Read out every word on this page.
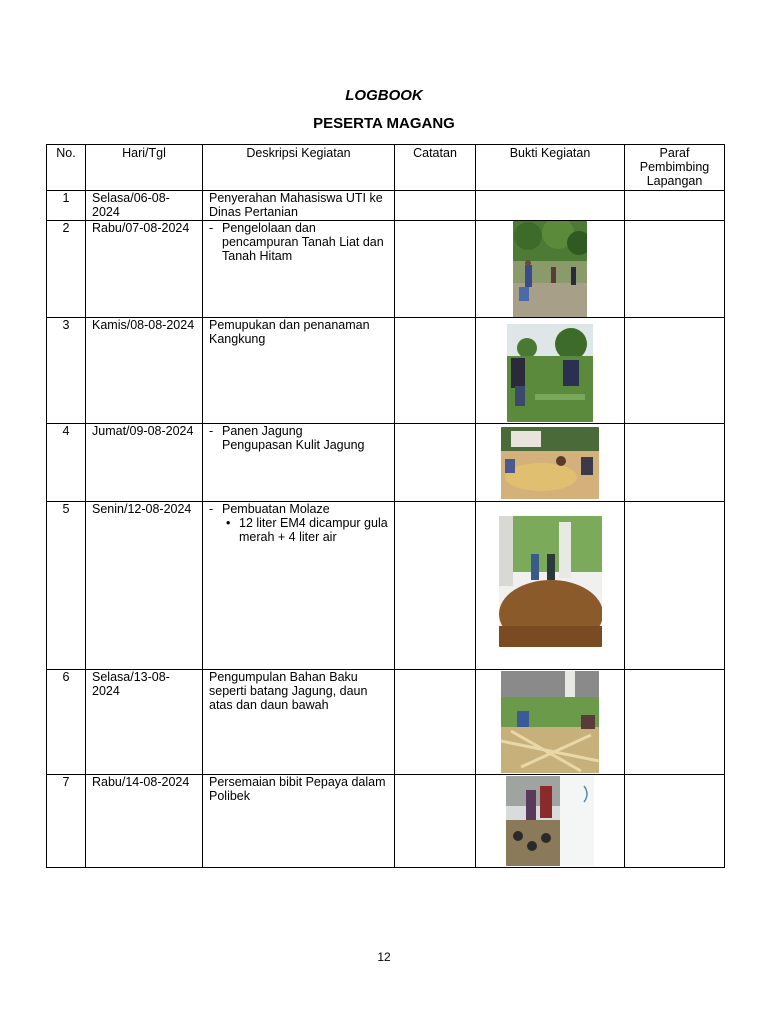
LOGBOOK
PESERTA MAGANG
No.	Hari/Tgl	Deskripsi Kegiatan	Catatan	Bukti Kegiatan	Paraf Pembimbing Lapangan
1	Selasa/06-08-2024	Penyerahan Mahasiswa UTI ke Dinas Pertanian			
2	Rabu/07-08-2024	- Pengelolaan dan pencampuran Tanah Liat dan Tanah Hitam

3	Kamis/08-08-2024	Pemupukan dan penanaman Kangkung		

4	Jumat/09-08-2024	- Panen Jagung
Pengupasan Kulit Jagung

5	Senin/12-08-2024	- Pembuatan Molaze
• 12 liter EM4 dicampur gula merah + 4 liter air

6	Selasa/13-08-2024	Pengumpulan Bahan Baku seperti batang Jagung, daun atas dan daun bawah		

7	Rabu/14-08-2024	Persemaian bibit Pepaya dalam Polibek		

12
